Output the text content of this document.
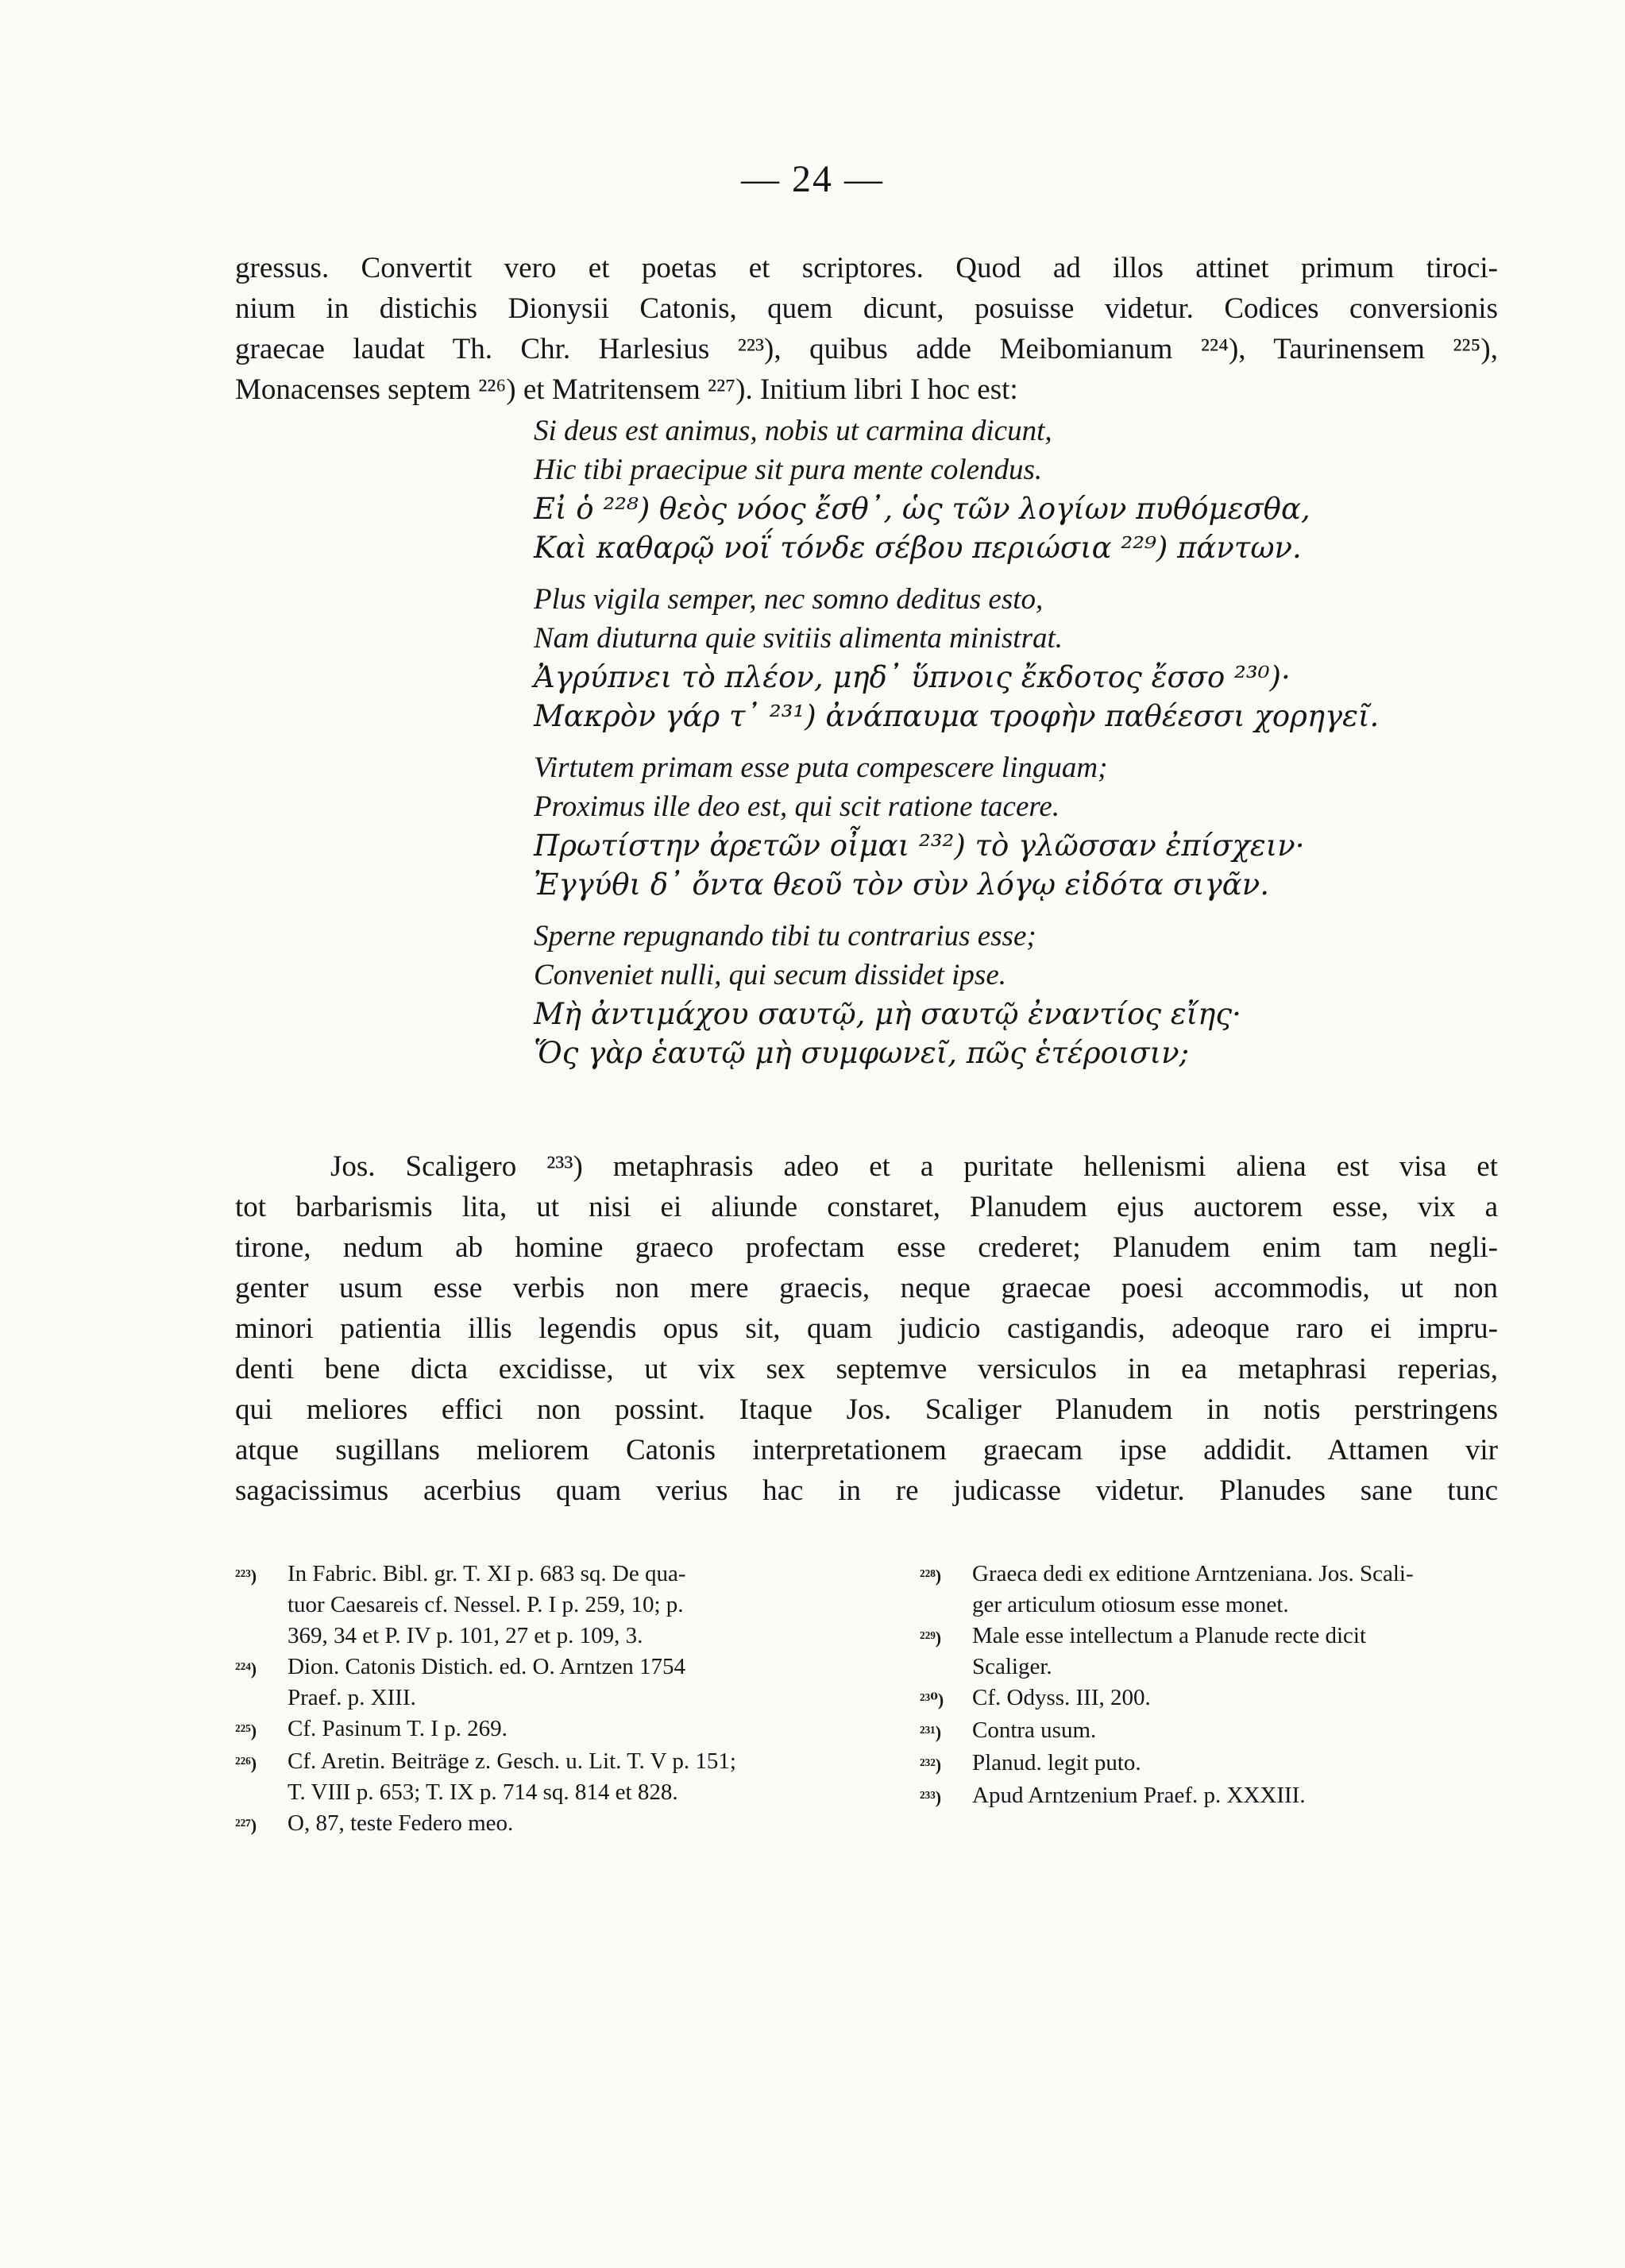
— 24 —
gressus. Convertit vero et poetas et scriptores. Quod ad illos attinet primum tiroci-
nium in distichis Dionysii Catonis, quem dicunt, posuisse videtur. Codices conversionis
graecae laudat Th. Chr. Harlesius ²²³), quibus adde Meibomianum ²²⁴), Taurinensem ²²⁵),
Monacenses septem ²²⁶) et Matritensem ²²⁷). Initium libri I hoc est:
Si deus est animus, nobis ut carmina dicunt,
Hic tibi praecipue sit pura mente colendus.
Εἰ ὁ ²²⁸) θεὸς νόος ἔσθ᾽, ὡς τῶν λογίων πυθόμεσθα,
Καὶ καθαρῷ νοΐ τόνδε σέβου περιώσια ²²⁹) πάντων.
Plus vigila semper, nec somno deditus esto,
Nam diuturna quie svitiis alimenta ministrat.
Ἀγρύπνει τὸ πλέον, μηδ᾽ ὕπνοις ἔκδοτος ἔσσο ²³⁰)·
Μακρὸν γάρ τ᾽ ²³¹) ἀνάπαυμα τροφὴν παθέεσσι χορηγεῖ.
Virtutem primam esse puta compescere linguam;
Proximus ille deo est, qui scit ratione tacere.
Πρωτίστην ἀρετῶν οἶμαι ²³²) τὸ γλῶσσαν ἐπίσχειν·
Ἐγγύθι δ᾽ ὄντα θεοῦ τὸν σὺν λόγῳ εἰδότα σιγᾶν.
Sperne repugnando tibi tu contrarius esse;
Conveniet nulli, qui secum dissidet ipse.
Μὴ ἀντιμάχου σαυτῷ, μὴ σαυτῷ ἐναντίος εἴης·
Ὅς γὰρ ἑαυτῷ μὴ συμφωνεῖ, πῶς ἑτέροισιν;
Jos. Scaligero ²³³) metaphrasis adeo et a puritate hellenismi aliena est visa et
tot barbarismis lita, ut nisi ei aliunde constaret, Planudem ejus auctorem esse, vix a
tirone, nedum ab homine graeco profectam esse crederet; Planudem enim tam negli-
genter usum esse verbis non mere graecis, neque graecae poesi accommodis, ut non
minori patientia illis legendis opus sit, quam judicio castigandis, adeoque raro ei impru-
denti bene dicta excidisse, ut vix sex septemve versiculos in ea metaphrasi reperias,
qui meliores effici non possint. Itaque Jos. Scaliger Planudem in notis perstringens
atque sugillans meliorem Catonis interpretationem graecam ipse addidit. Attamen vir
sagacissimus acerbius quam verius hac in re judicasse videtur. Planudes sane tunc
²²³)	In Fabric. Bibl. gr. T. XI p. 683 sq. De qua-
tuor Caesareis cf. Nessel. P. I p. 259, 10; p.
369, 34 et P. IV p. 101, 27 et p. 109, 3.
²²⁴)	Dion. Catonis Distich. ed. O. Arntzen 1754
Praef. p. XIII.
²²⁵)	Cf. Pasinum T. I p. 269.
²²⁶)	Cf. Aretin. Beiträge z. Gesch. u. Lit. T. V p. 151;
T. VIII p. 653; T. IX p. 714 sq. 814 et 828.
²²⁷)	O, 87, teste Federo meo.
²²⁸)	Graeca dedi ex editione Arntzeniana. Jos. Scali-
ger articulum otiosum esse monet.
²²⁹)	Male esse intellectum a Planude recte dicit
Scaliger.
²³⁰)	Cf. Odyss. III, 200.
²³¹)	Contra usum.
²³²)	Planud. legit puto.
²³³)	Apud Arntzenium Praef. p. XXXIII.
